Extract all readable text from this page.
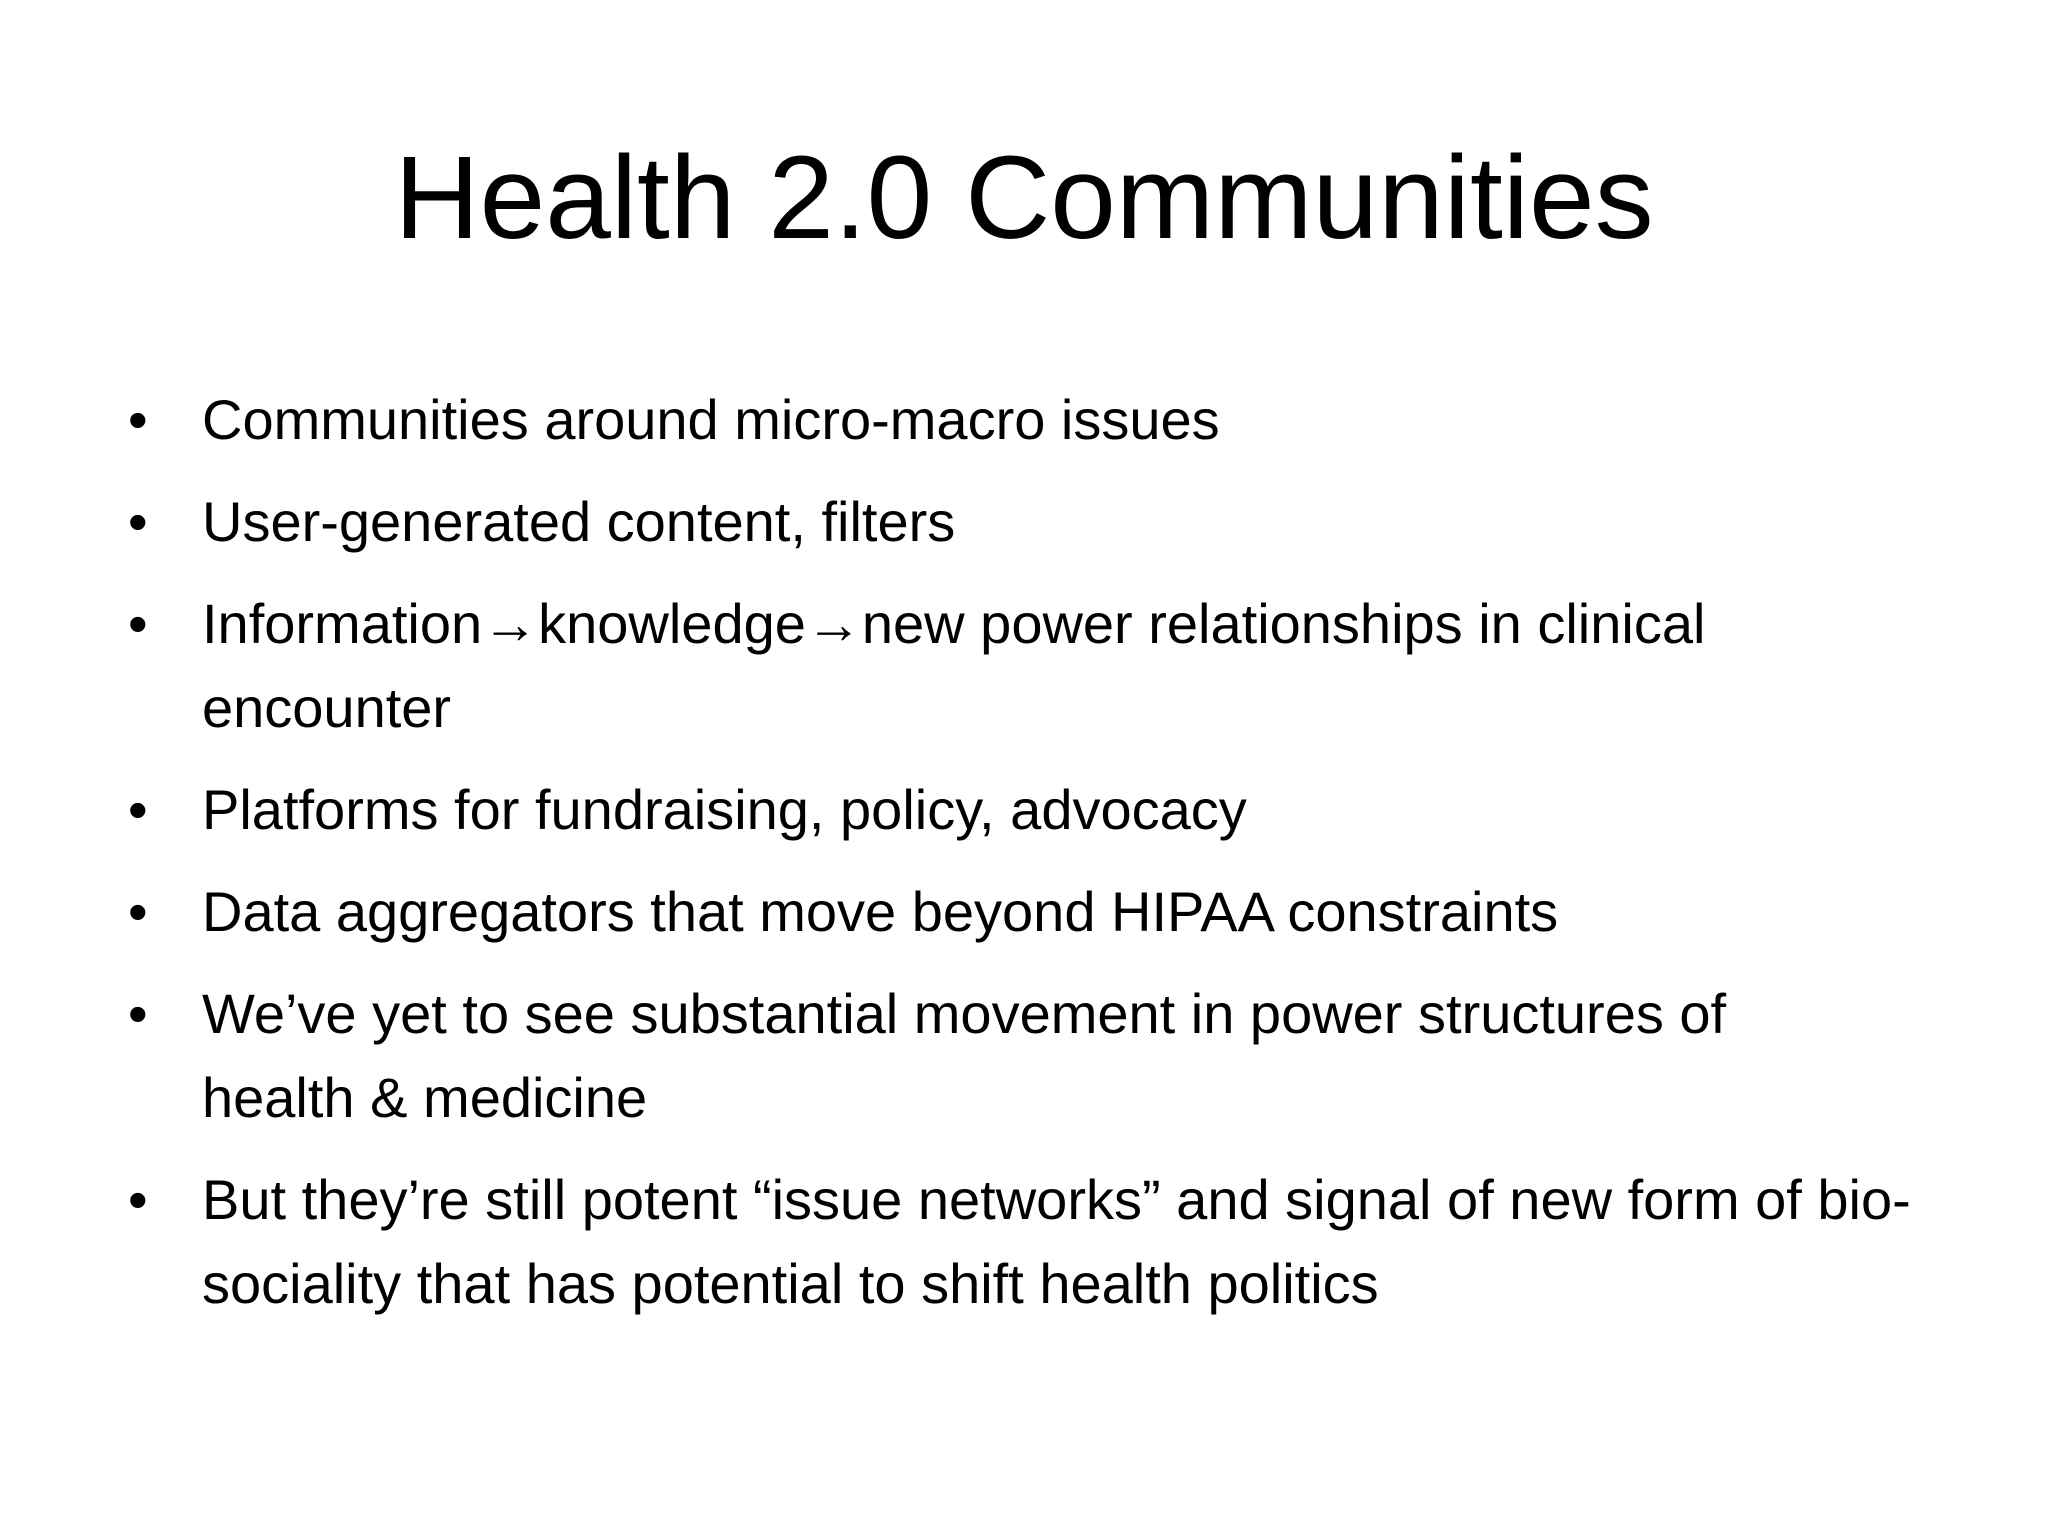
Health 2.0 Communities
• Communities around micro-macro issues
• User-generated content, filters
• Information→knowledge→new power relationships in clinical encounter
• Platforms for fundraising, policy, advocacy
• Data aggregators that move beyond HIPAA constraints
• We’ve yet to see substantial movement in power structures of health & medicine
• But they’re still potent “issue networks” and signal of new form of bio-sociality that has potential to shift health politics
